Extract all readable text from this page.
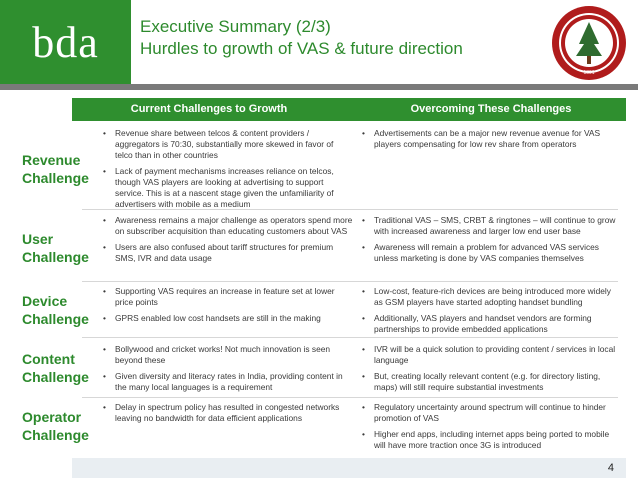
bda Executive Summary (2/3)
Hurdles to growth of VAS & future direction
1891
Current Challenges to Growth	Overcoming These Challenges
Revenue
Challenge
• Revenue share between telcos & content providers / aggregators is 70:30, substantially more skewed in favor of telco than in other countries
• Lack of payment mechanisms increases reliance on telcos, though VAS players are looking at advertising to support service. This is at a nascent stage given the unfamiliarity of advertisers with mobile as a medium
• Advertisements can be a major new revenue avenue for VAS players compensating for low rev share from operators
User
Challenge
• Awareness remains a major challenge as operators spend more on subscriber acquisition than educating customers about VAS
• Users are also confused about tariff structures for premium SMS, IVR and data usage
• Traditional VAS – SMS, CRBT & ringtones – will continue to grow with increased awareness and larger low end user base
• Awareness will remain a problem for advanced VAS services unless marketing is done by VAS companies themselves
Device
Challenge
• Supporting VAS requires an increase in feature set at lower price points
• GPRS enabled low cost handsets are still in the making
• Low-cost, feature-rich devices are being introduced more widely as GSM players have started adopting handset bundling
• Additionally, VAS players and handset vendors are forming partnerships to provide embedded applications
Content
Challenge
• Bollywood and cricket works! Not much innovation is seen beyond these
• Given diversity and literacy rates in India, providing content in the many local languages is a requirement
• IVR will be a quick solution to providing content / services in local language
• But, creating locally relevant content (e.g. for directory listing, maps) will still require substantial investments
Operator
Challenge
• Delay in spectrum policy has resulted in congested networks leaving no bandwidth for data efficient applications
• Regulatory uncertainty around spectrum will continue to hinder promotion of VAS
• Higher end apps, including internet apps being ported to mobile will have more traction once 3G is introduced
4
